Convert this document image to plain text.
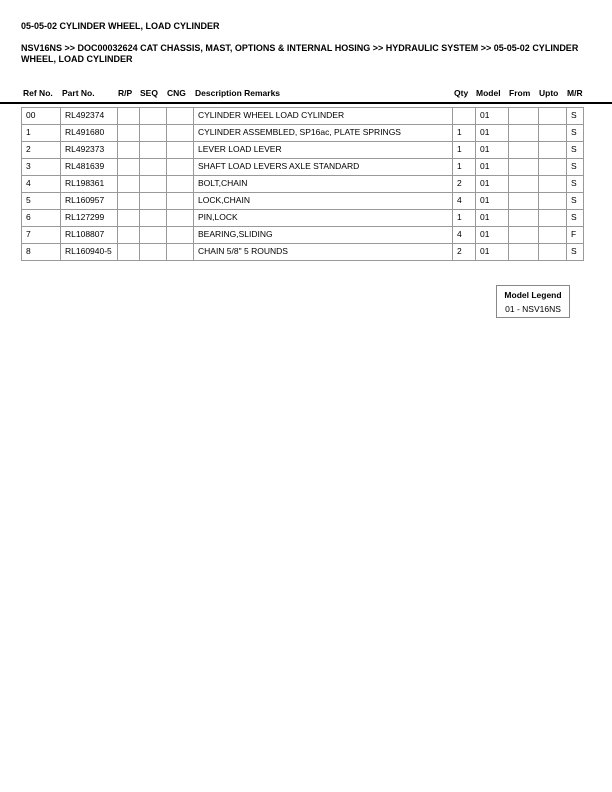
05-05-02 CYLINDER WHEEL, LOAD CYLINDER
NSV16NS >> DOC00032624 CAT CHASSIS, MAST, OPTIONS & INTERNAL HOSING >> HYDRAULIC SYSTEM >> 05-05-02 CYLINDER WHEEL, LOAD CYLINDER
Ref No. Part No.	R/P SEQ CNG Description Remarks	Qty Model From Upto M/R
00	RL492374				CYLINDER WHEEL LOAD CYLINDER		01			S
1	RL491680				CYLINDER ASSEMBLED, SP16ac, PLATE SPRINGS	1	01			S
2	RL492373				LEVER LOAD LEVER	1	01			S
3	RL481639				SHAFT LOAD LEVERS AXLE STANDARD	1	01			S
4	RL198361				BOLT,CHAIN	2	01			S
5	RL160957				LOCK,CHAIN	4	01			S
6	RL127299				PIN,LOCK	1	01			S
7	RL108807				BEARING,SLIDING	4	01			F
8	RL160940-5				CHAIN 5/8" 5 ROUNDS	2	01			S
Model Legend
01 - NSV16NS
